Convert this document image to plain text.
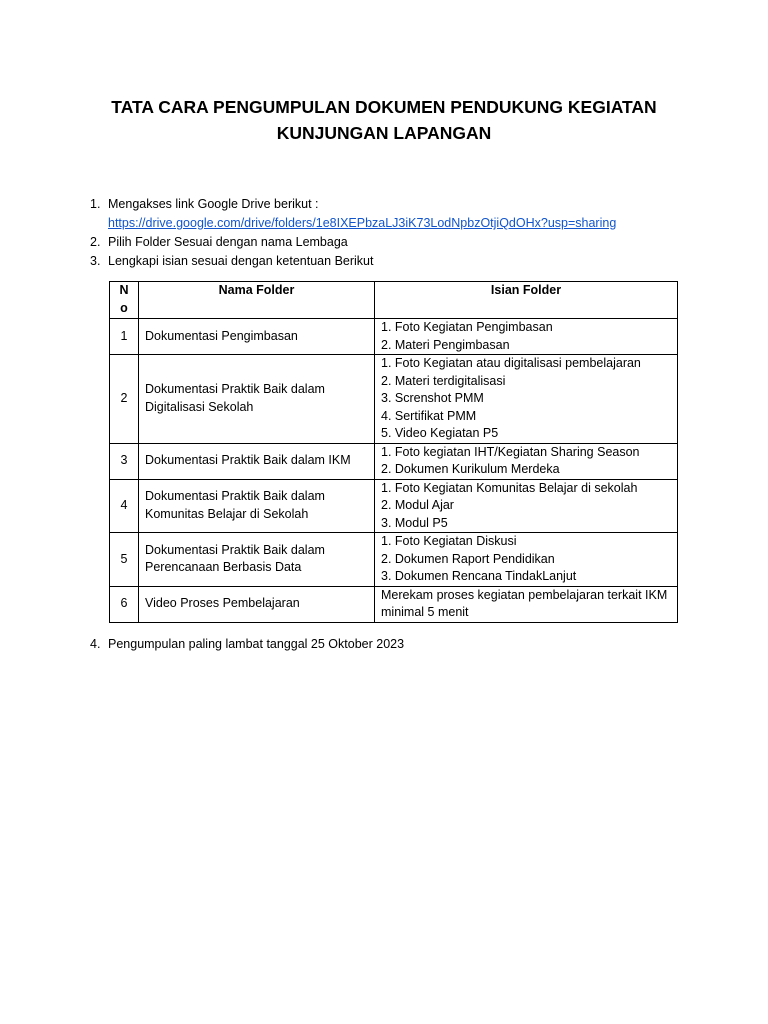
TATA CARA PENGUMPULAN DOKUMEN PENDUKUNG KEGIATAN
KUNJUNGAN LAPANGAN
1. Mengakses link Google Drive berikut :
https://drive.google.com/drive/folders/1e8IXEPbzaLJ3iK73LodNpbzOtjiQdOHx?usp=sharing
2. Pilih Folder Sesuai dengan nama Lembaga
3. Lengkapi isian sesuai dengan ketentuan Berikut
N
o	Nama Folder	Isian Folder
1	Dokumentasi Pengimbasan	1. Foto Kegiatan Pengimbasan
2. Materi Pengimbasan

2	Dokumentasi Praktik Baik dalam Digitalisasi Sekolah	1. Foto Kegiatan atau digitalisasi pembelajaran
2. Materi terdigitalisasi
3. Screnshot PMM
4. Sertifikat PMM
5. Video Kegiatan P5

3	Dokumentasi Praktik Baik dalam IKM	1. Foto kegiatan IHT/Kegiatan Sharing Season
2. Dokumen Kurikulum Merdeka

4	Dokumentasi Praktik Baik dalam Komunitas Belajar di Sekolah	1. Foto Kegiatan Komunitas Belajar di sekolah
2. Modul Ajar
3. Modul P5

5	Dokumentasi Praktik Baik dalam Perencanaan Berbasis Data	1. Foto Kegiatan Diskusi
2. Dokumen Raport Pendidikan
3. Dokumen Rencana TindakLanjut

6	Video Proses Pembelajaran	Merekam proses kegiatan pembelajaran terkait IKM minimal 5 menit
4. Pengumpulan paling lambat tanggal 25 Oktober 2023
